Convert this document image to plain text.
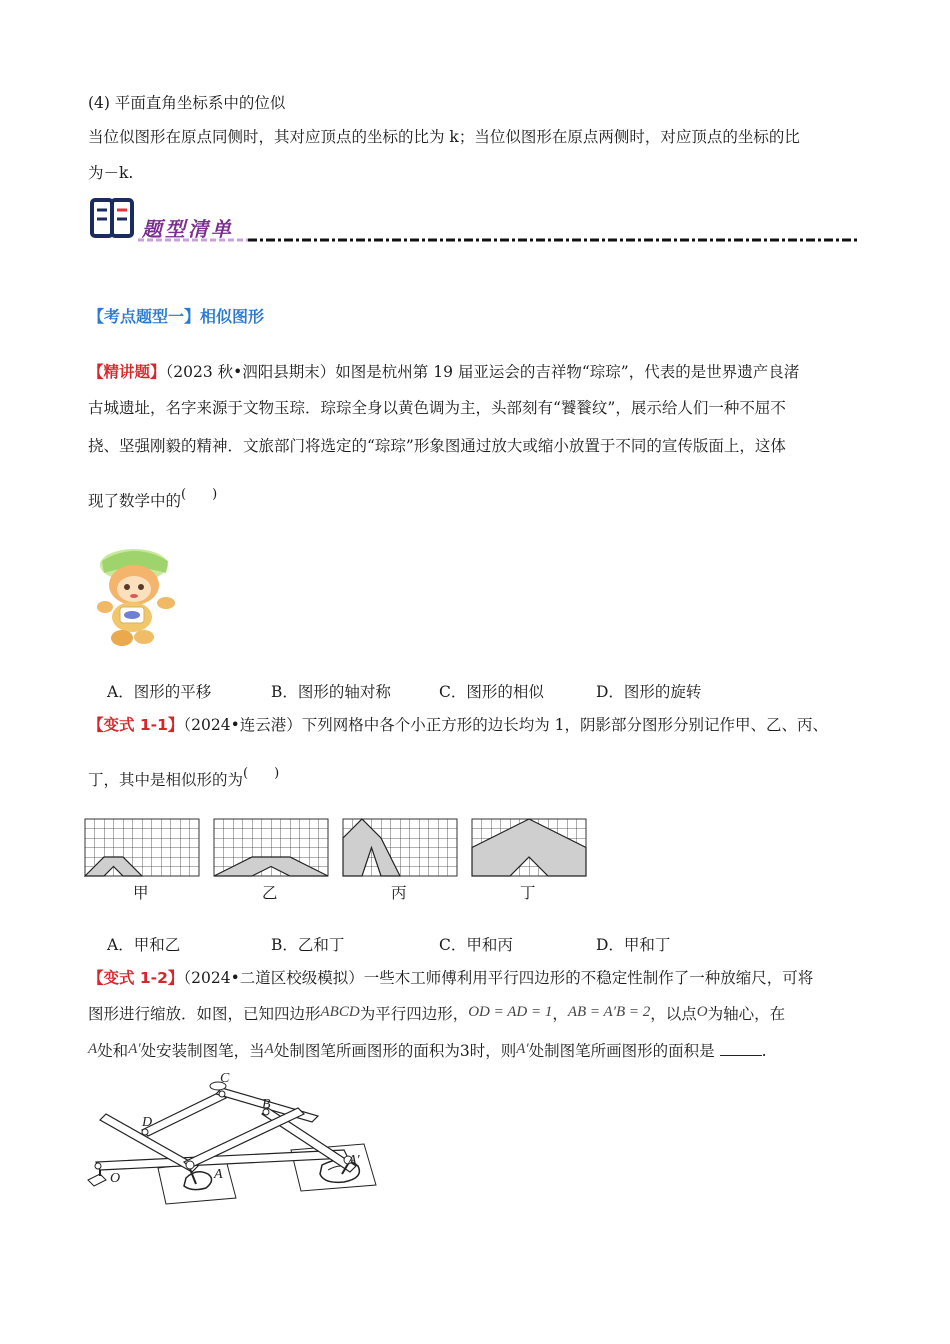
(4) 平面直角坐标系中的位似
当位似图形在原点同侧时，其对应顶点的坐标的比为 k；当位似图形在原点两侧时，对应顶点的坐标的比
为－k.
题型清单
【考点题型一】相似图形
【精讲题】（2023 秋•泗阳县期末）如图是杭州第 19 届亚运会的吉祥物“琮琮”，代表的是世界遗产良渚
古城遗址，名字来源于文物玉琮．琮琮全身以黄色调为主，头部刻有“饕餮纹”，展示给人们一种不屈不
挠、坚强刚毅的精神．文旅部门将选定的“琮琮”形象图通过放大或缩小放置于不同的宣传版面上，这体
现了数学中的(　　)
A．图形的平移	B．图形的轴对称	C．图形的相似	D．图形的旋转
【变式 1-1】（2024•连云港）下列网格中各个小正方形的边长均为 1，阴影部分图形分别记作甲、乙、丙、
丁，其中是相似形的为(　　)
甲	乙	丙	丁
A．甲和乙	B．乙和丁	C．甲和丙	D．甲和丁
【变式 1-2】（2024•二道区校级模拟）一些木工师傅利用平行四边形的不稳定性制作了一种放缩尺，可将
图形进行缩放．如图，已知四边形ABCD为平行四边形，OD = AD = 1，AB = A′B = 2，以点O为轴心，在
A处和A′处安装制图笔，当A处制图笔所画图形的面积为3时，则A′处制图笔所画图形的面积是	.
C
B
D
A
A′
O
